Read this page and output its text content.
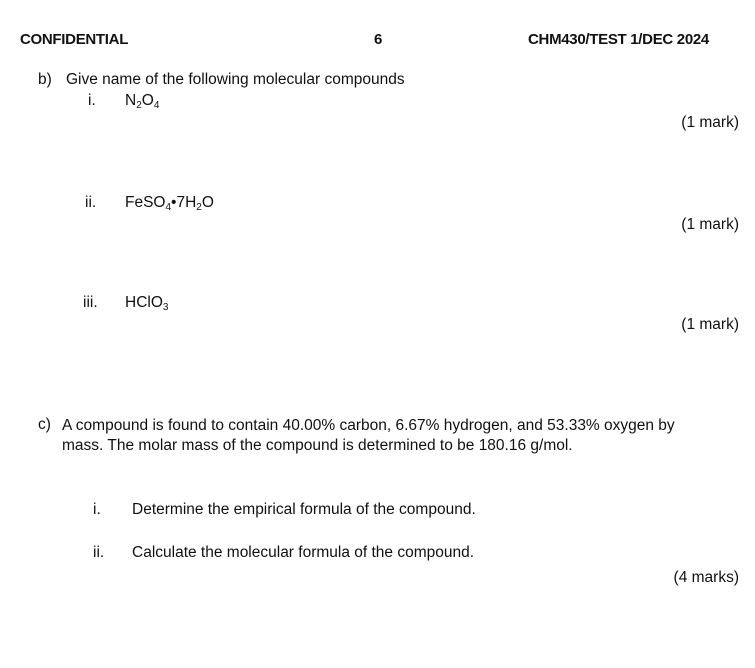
CONFIDENTIAL	6	CHM430/TEST 1/DEC 2024
b) Give name of the following molecular compounds
i. $N_2O_4$
(1 mark)
ii. $FeSO_4•7H_2O$
(1 mark)
iii. HClO$_3$
(1 mark)
c) A compound is found to contain 40.00% carbon, 6.67% hydrogen, and 53.33% oxygen by mass. The molar mass of the compound is determined to be 180.16 g/mol.
i. Determine the empirical formula of the compound.
ii. Calculate the molecular formula of the compound.
(4 marks)
